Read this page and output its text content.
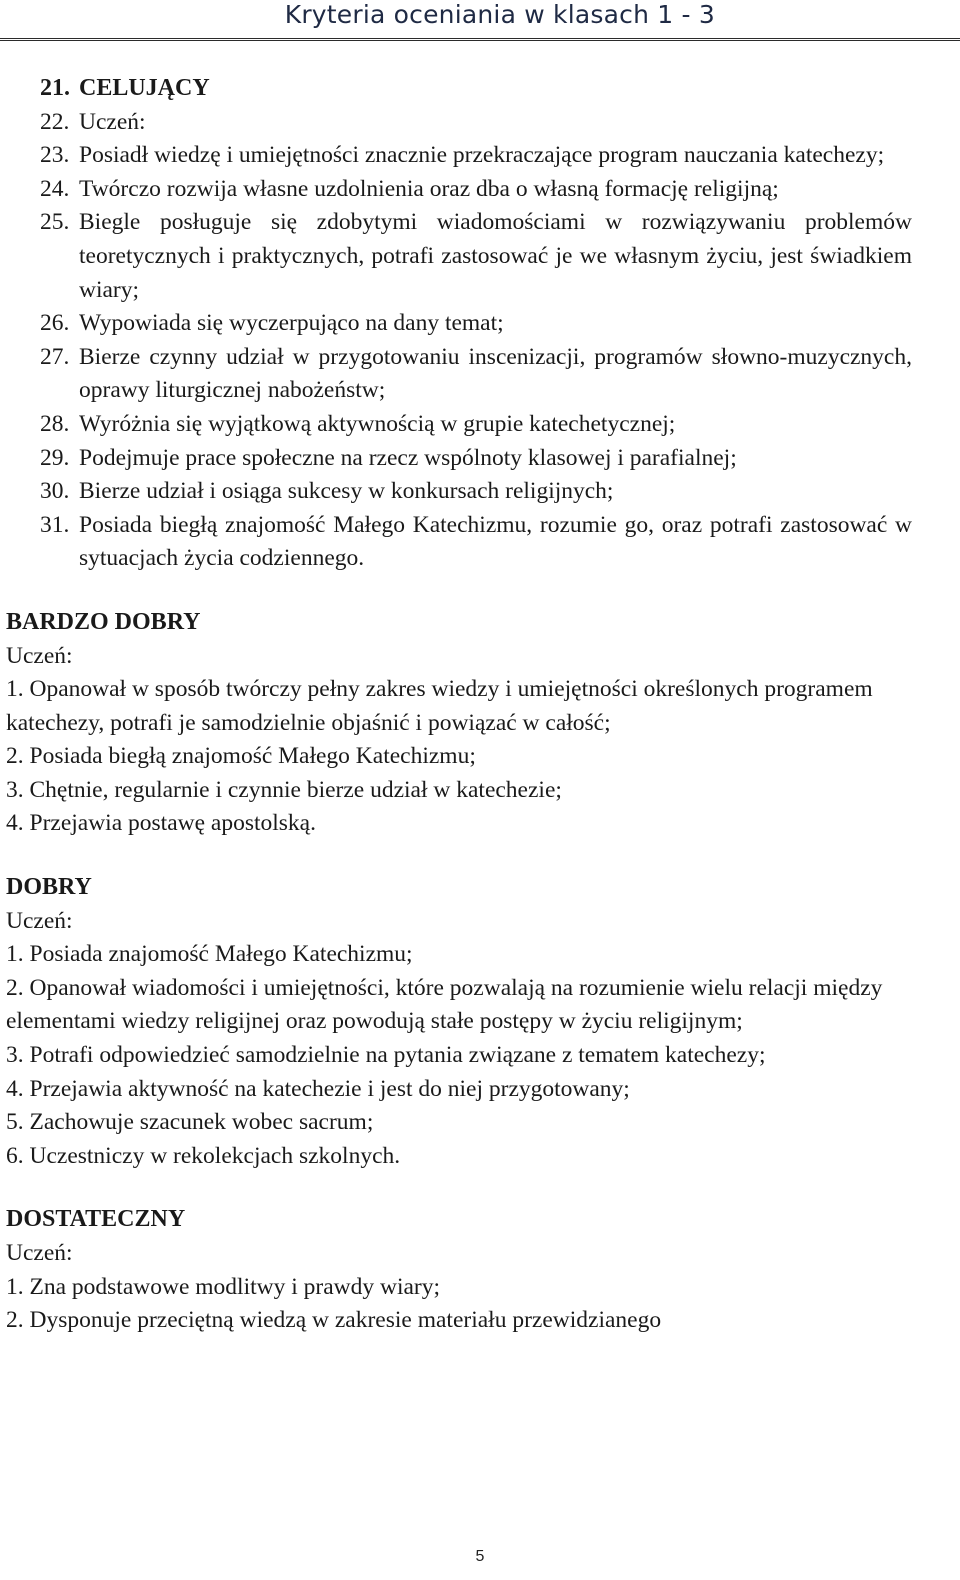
Kryteria oceniania w klasach 1 - 3
21. CELUJĄCY
22. Uczeń:
23. Posiadł wiedzę i umiejętności znacznie przekraczające program nauczania katechezy;
24. Twórczo rozwija własne uzdolnienia oraz dba o własną formację religijną;
25. Biegle posługuje się zdobytymi wiadomościami w rozwiązywaniu problemów teoretycznych i praktycznych, potrafi zastosować je we własnym życiu, jest świadkiem wiary;
26. Wypowiada się wyczerpująco na dany temat;
27. Bierze czynny udział w przygotowaniu inscenizacji, programów słowno-muzycznych, oprawy liturgicznej nabożeństw;
28. Wyróżnia się wyjątkową aktywnością w grupie katechetycznej;
29. Podejmuje prace społeczne na rzecz wspólnoty klasowej i parafialnej;
30. Bierze udział i osiąga sukcesy w konkursach religijnych;
31. Posiada biegłą znajomość Małego Katechizmu, rozumie go, oraz potrafi zastosować w sytuacjach życia codziennego.
BARDZO DOBRY

Uczeń:

1. Opanował w sposób twórczy pełny zakres wiedzy i umiejętności określonych programem katechezy, potrafi je samodzielnie objaśnić i powiązać w całość;

2. Posiada biegłą znajomość Małego Katechizmu;

3. Chętnie, regularnie i czynnie bierze udział w katechezie;

4. Przejawia postawę apostolską.

DOBRY

Uczeń:

1. Posiada znajomość Małego Katechizmu;

2. Opanował wiadomości i umiejętności, które pozwalają na rozumienie wielu relacji między elementami wiedzy religijnej oraz powodują stałe postępy w życiu religijnym;

3. Potrafi odpowiedzieć samodzielnie na pytania związane z tematem katechezy;

4. Przejawia aktywność na katechezie i jest do niej przygotowany;

5. Zachowuje szacunek wobec sacrum;

6. Uczestniczy w rekolekcjach szkolnych.

DOSTATECZNY

Uczeń:

1. Zna podstawowe modlitwy i prawdy wiary;

2. Dysponuje przeciętną wiedzą w zakresie materiału przewidzianego

5
